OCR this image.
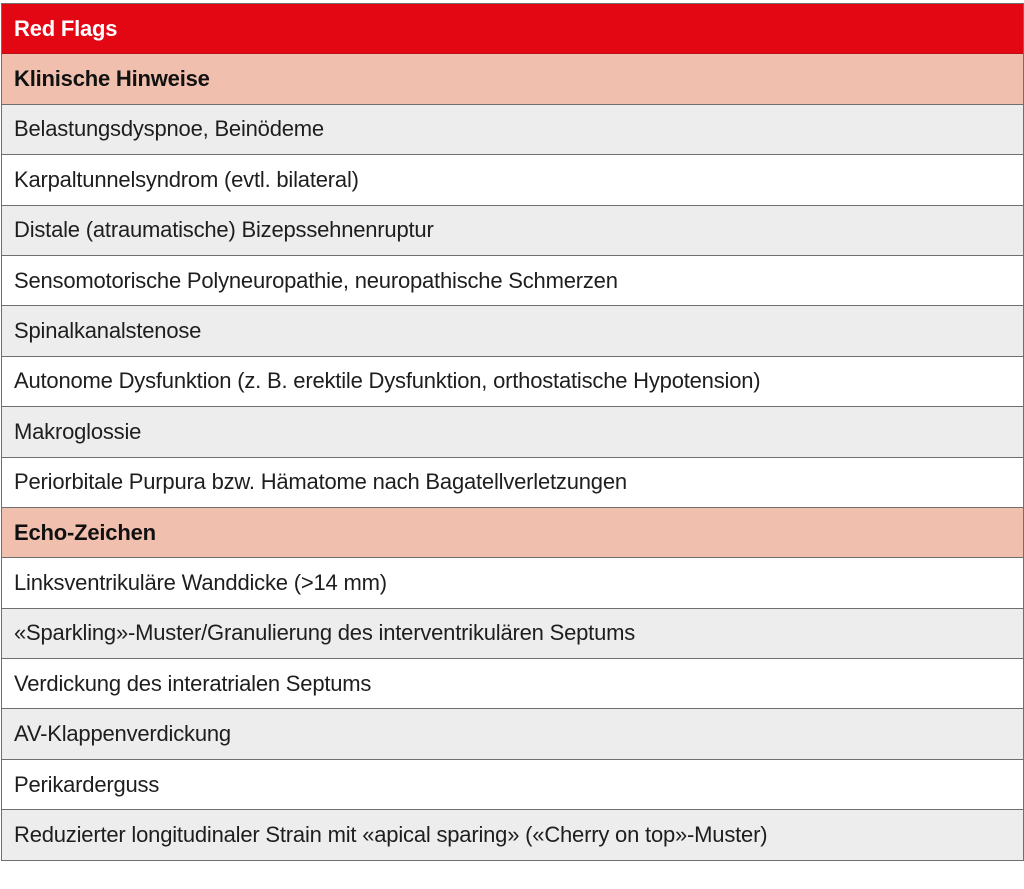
Red Flags
Klinische Hinweise
Belastungsdyspnoe, Beinödeme
Karpaltunnelsyndrom (evtl. bilateral)
Distale (atraumatische) Bizepssehnenruptur
Sensomotorische Polyneuropathie, neuropathische Schmerzen
Spinalkanalstenose
Autonome Dysfunktion (z. B. erektile Dysfunktion, orthostatische Hypotension)
Makroglossie
Periorbitale Purpura bzw. Hämatome nach Bagatellverletzungen
Echo-Zeichen
Linksventrikuläre Wanddicke (>14 mm)
«Sparkling»-Muster/Granulierung des interventrikulären Septums
Verdickung des interatrialen Septums
AV-Klappenverdickung
Perikarderguss
Reduzierter longitudinaler Strain mit «apical sparing» («Cherry on top»-Muster)
